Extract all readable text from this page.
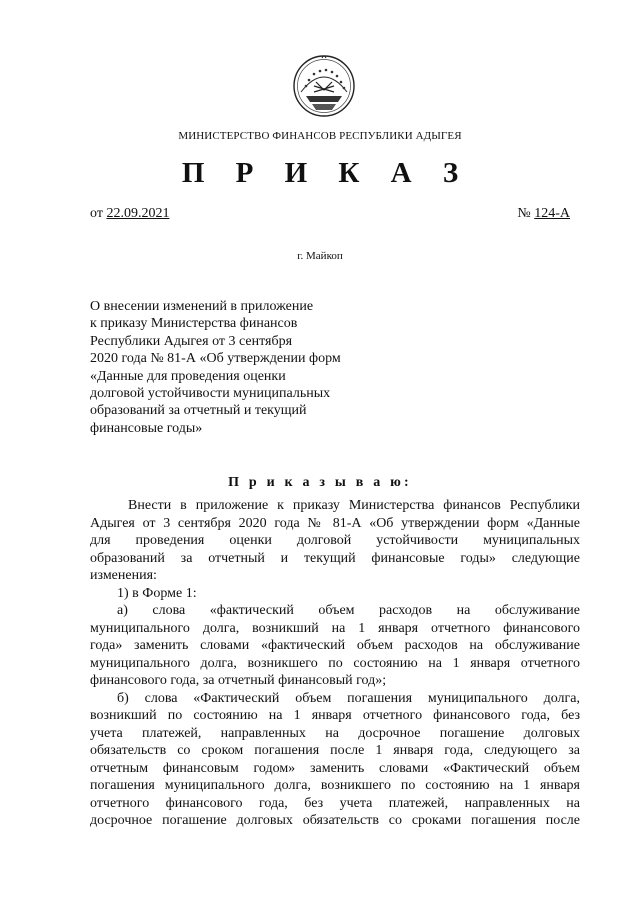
МИНИСТЕРСТВО ФИНАНСОВ РЕСПУБЛИКИ АДЫГЕЯ
П Р И К А З
от 22.09.2021	№ 124-А
г. Майкоп
О внесении изменений в приложение
к приказу Министерства финансов
Республики Адыгея от 3 сентября
2020 года № 81-А «Об утверждении форм
«Данные для проведения оценки
долговой устойчивости муниципальных
образований за отчетный и текущий
финансовые годы»
П р и к а з ы в а ю:
Внести в приложение к приказу Министерства финансов Республики
Адыгея от 3 сентября 2020 года № 81-А «Об утверждении форм «Данные
для проведения оценки долговой устойчивости муниципальных
образований за отчетный и текущий финансовые годы» следующие
изменения:
1) в Форме 1:
а) слова «фактический объем расходов на обслуживание
муниципального долга, возникший на 1 января отчетного финансового
года» заменить словами «фактический объем расходов на обслуживание
муниципального долга, возникшего по состоянию на 1 января отчетного
финансового года, за отчетный финансовый год»;
б) слова «Фактический объем погашения муниципального долга,
возникший по состоянию на 1 января отчетного финансового года, без
учета платежей, направленных на досрочное погашение долговых
обязательств со сроком погашения после 1 января года, следующего за
отчетным финансовым годом» заменить словами «Фактический объем
погашения муниципального долга, возникшего по состоянию на 1 января
отчетного финансового года, без учета платежей, направленных на
досрочное погашение долговых обязательств со сроками погашения после
